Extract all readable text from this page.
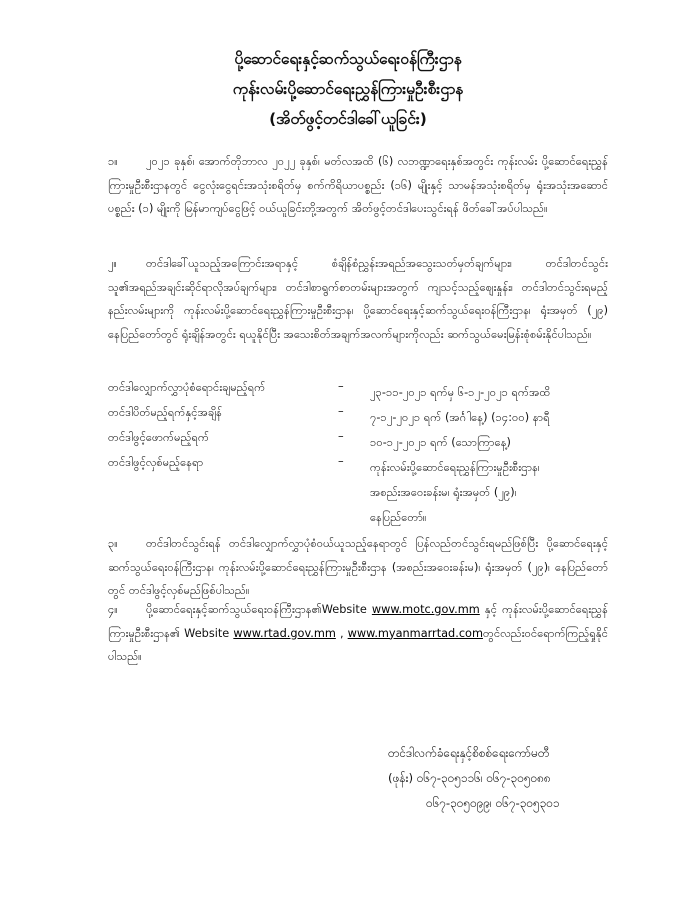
ပို့ဆောင်ရေးနှင့်ဆက်သွယ်ရေးဝန်ကြီးဌာန
ကုန်းလမ်းပို့ဆောင်ရေးညွှန်ကြားမှုဦးစီးဌာန
(အိတ်ဖွင့်တင်ဒါခေါ်ယူခြင်း)
၁။ ၂၀၂၁ ခုနှစ်၊ အောက်တိုဘာလ ၂၀၂၂ ခုနှစ်၊ မတ်လအထိ (၆) လဘဏ္ဍာရေးနှစ်အတွင်း ကုန်းလမ်း ပို့ဆောင်ရေးညွှန်ကြားမှုဦးစီးဌာနတွင် ငွေလုံးငွေရင်းအသုံးစရိတ်မှ စက်ကိရိယာပစ္စည်း (၁၆) မျိုးနှင့် သာမန်အသုံးစရိတ်မှ ရုံးအသုံးအဆောင်ပစ္စည်း (၁) မျိုးကို မြန်မာကျပ်ငွေဖြင့် ဝယ်ယူခြင်းတို့အတွက် အိတ်ဖွင့်တင်ဒါပေးသွင်းရန် ဖိတ်ခေါ်အပ်ပါသည်။
၂။	တင်ဒါခေါ်ယူသည့်အကြောင်းအရာနှင့် စံချိန်စံညွှန်းအရည်အသွေးသတ်မှတ်ချက်များ၊ တင်ဒါတင်သွင်းသူ၏အရည်အချင်းဆိုင်ရာလိုအပ်ချက်များ၊ တင်ဒါစာရွက်စာတမ်းများအတွက် ကျသင့်သည့်ဈေးနှုန်း၊ တင်ဒါတင်သွင်းရမည့်နည်းလမ်းများကို ကုန်းလမ်းပို့ဆောင်ရေးညွှန်ကြားမှုဦးစီးဌာန၊ ပို့ဆောင်ရေးနှင့်ဆက်သွယ်ရေးဝန်ကြီးဌာန၊ ရုံးအမှတ် (၂၉) နေပြည်တော်တွင် ရုံးချိန်အတွင်း ရယူနိုင်ပြီး အသေးစိတ်အချက်အလက်များကိုလည်း ဆက်သွယ်မေးမြန်းစုံစမ်းနိုင်ပါသည်။
တင်ဒါလျှောက်လွှာပုံစံရောင်းချမည့်ရက်	– ၂၃-၁၁-၂၀၂၁ ရက်မှ ၆-၁၂-၂၀၂၁ ရက်အထိ
တင်ဒါပိတ်မည့်ရက်နှင့်အချိန်	– ၇-၁၂-၂၀၂၁ ရက် (အင်္ဂါနေ့) (၁၄:၀၀) နာရီ
တင်ဒါဖွင့်ဖောက်မည့်ရက်	– ၁၀-၁၂-၂၀၂၁ ရက် (သောကြာနေ့)
တင်ဒါဖွင့်လှစ်မည့်နေရာ	– ကုန်းလမ်းပို့ဆောင်ရေးညွှန်ကြားမှုဦးစီးဌာန၊
အစည်းအဝေးခန်းမ၊ ရုံးအမှတ် (၂၉)၊
နေပြည်တော်။
၃။ တင်ဒါတင်သွင်းရန် တင်ဒါလျှောက်လွှာပုံစံဝယ်ယူသည့်နေရာတွင် ပြန်လည်တင်သွင်းရမည်ဖြစ်ပြီး ပို့ဆောင်ရေးနှင့်ဆက်သွယ်ရေးဝန်ကြီးဌာန၊ ကုန်းလမ်းပို့ဆောင်ရေးညွှန်ကြားမှုဦးစီးဌာန (အစည်းအဝေးခန်းမ)၊ ရုံးအမှတ် (၂၉)၊ နေပြည်တော်တွင် တင်ဒါဖွင့်လှစ်မည်ဖြစ်ပါသည်။
၄။ ပို့ဆောင်ရေးနှင့်ဆက်သွယ်ရေးဝန်ကြီးဌာန၏Website www.motc.gov.mm နှင့် ကုန်းလမ်းပို့ဆောင်ရေးညွှန်ကြားမှုဦးစီးဌာန၏ Website www.rtad.gov.mm , www.myanmarrtad.comတွင်လည်းဝင်ရောက်ကြည့်ရှုနိုင်ပါသည်။
တင်ဒါလက်ခံရေးနှင့်စိစစ်ရေးကော်မတီ
(ဖုန်း) ၀၆၇-၃၀၅၁၁၆၊ ၀၆၇-၃၀၅၀၈၈
၀၆၇-၃၀၅၀၉၉၊ ၀၆၇-၃၀၅၃၀၁
